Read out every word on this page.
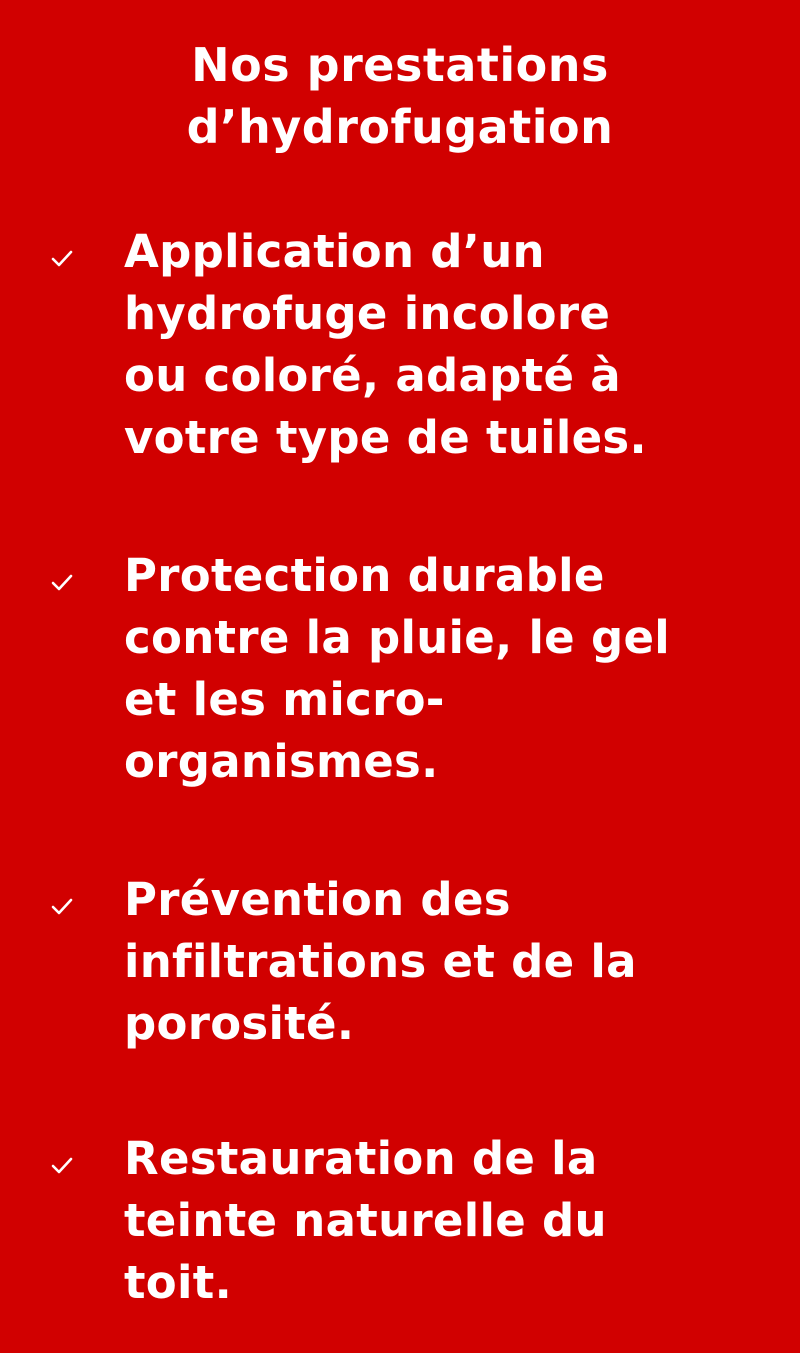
Nos prestations
d’hydrofugation
Application d’un
hydrofuge incolore
ou coloré, adapté à
votre type de tuiles.
Protection durable
contre la pluie, le gel
et les micro-
organismes.
Prévention des
infiltrations et de la
porosité.
Restauration de la
teinte naturelle du
toit.
